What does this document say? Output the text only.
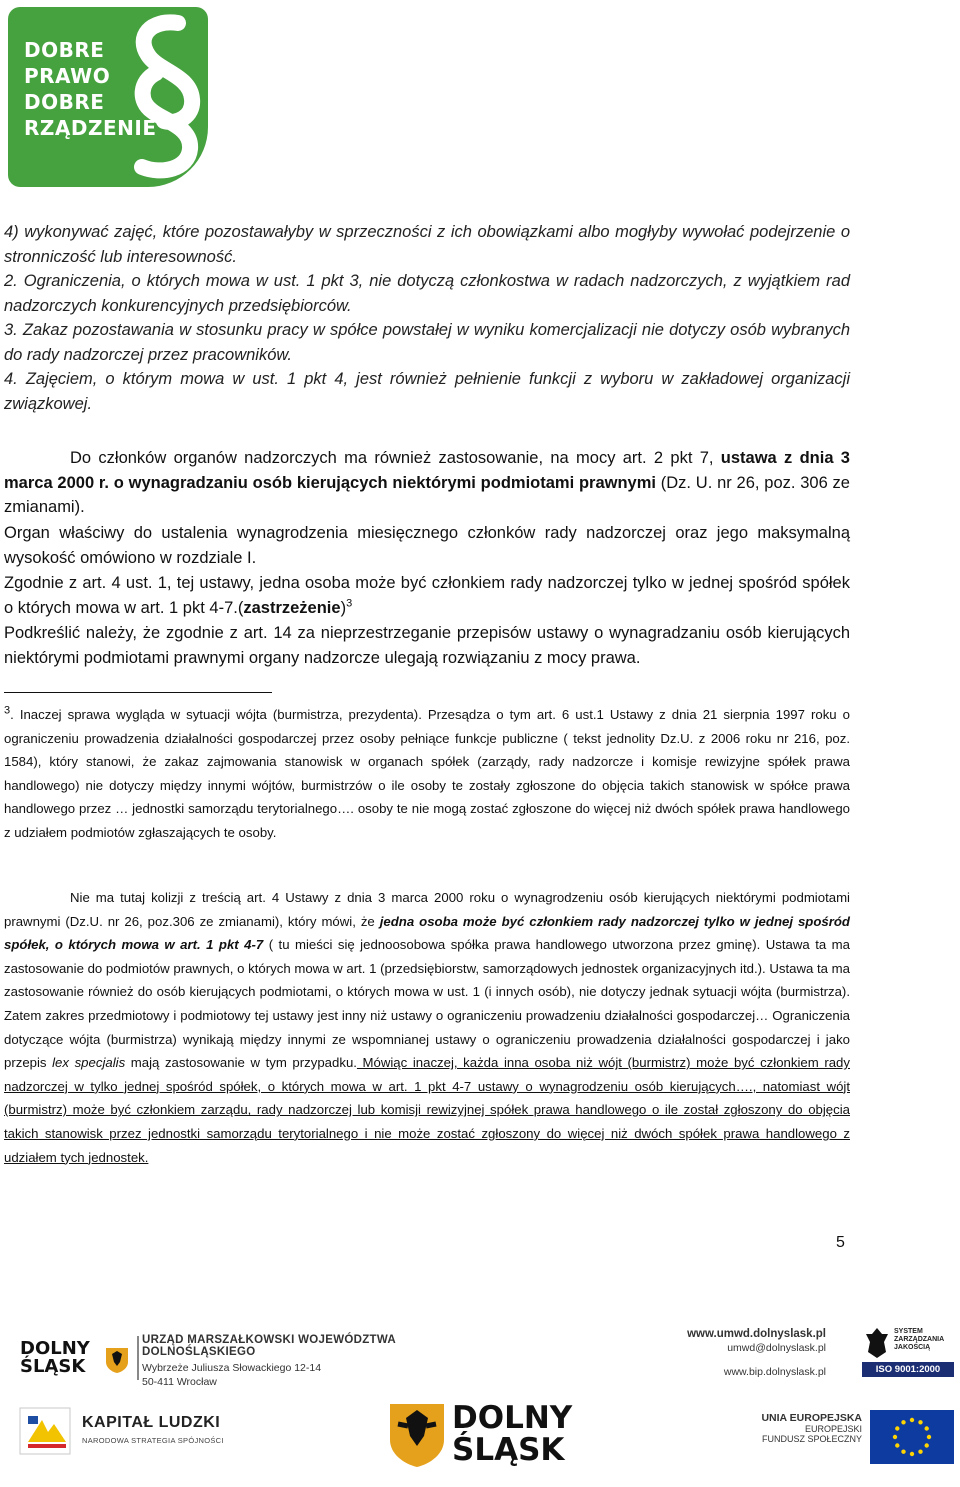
DOBRE
PRAWO
DOBRE
RZĄDZENIE
4) wykonywać zajęć, które pozostawałyby w sprzeczności z ich obowiązkami albo mogłyby wywołać podejrzenie o stronniczość lub interesowność.
2. Ograniczenia, o których mowa w ust. 1 pkt 3, nie dotyczą członkostwa w radach nadzorczych, z wyjątkiem rad nadzorczych konkurencyjnych przedsiębiorców.
3. Zakaz pozostawania w stosunku pracy w spółce powstałej w wyniku komercjalizacji nie dotyczy osób wybranych do rady nadzorczej przez pracowników.
4. Zajęciem, o którym mowa w ust. 1 pkt 4, jest również pełnienie funkcji z wyboru w zakładowej organizacji związkowej.
Do członków organów nadzorczych ma również zastosowanie, na mocy art. 2 pkt 7, ustawa z dnia 3 marca 2000 r. o wynagradzaniu osób kierujących niektórymi podmiotami prawnymi (Dz. U. nr 26, poz. 306 ze zmianami).
Organ właściwy do ustalenia wynagrodzenia miesięcznego członków rady nadzorczej oraz jego maksymalną wysokość omówiono w rozdziale I.
Zgodnie z art. 4 ust. 1, tej ustawy, jedna osoba może być członkiem rady nadzorczej tylko w jednej spośród spółek o których mowa w art. 1 pkt 4-7.(zastrzeżenie)$^3$
Podkreślić należy, że zgodnie z art. 14 za nieprzestrzeganie przepisów ustawy o wynagradzaniu osób kierujących niektórymi podmiotami prawnymi organy nadzorcze ulegają rozwiązaniu z mocy prawa.
$^3$. Inaczej sprawa wygląda w sytuacji wójta (burmistrza, prezydenta). Przesądza o tym art. 6 ust.1 Ustawy z dnia 21 sierpnia 1997 roku o ograniczeniu prowadzenia działalności gospodarczej przez osoby pełniące funkcje publiczne ( tekst jednolity Dz.U. z 2006 roku nr 216, poz. 1584), który stanowi, że zakaz zajmowania stanowisk w organach spółek (zarządy, rady nadzorcze i komisje rewizyjne spółek prawa handlowego) nie dotyczy między innymi wójtów, burmistrzów o ile osoby te zostały zgłoszone do objęcia takich stanowisk w spółce prawa handlowego przez … jednostki samorządu terytorialnego…. osoby te nie mogą zostać zgłoszone do więcej niż dwóch spółek prawa handlowego z udziałem podmiotów zgłaszających te osoby.
Nie ma tutaj kolizji z treścią art. 4 Ustawy z dnia 3 marca 2000 roku o wynagrodzeniu osób kierujących niektórymi podmiotami prawnymi (Dz.U. nr 26, poz.306 ze zmianami), który mówi, że jedna osoba może być członkiem rady nadzorczej tylko w jednej spośród spółek, o których mowa w art. 1 pkt 4-7 ( tu mieści się jednoosobowa spółka prawa handlowego utworzona przez gminę). Ustawa ta ma zastosowanie do podmiotów prawnych, o których mowa w art. 1 (przedsiębiorstw, samorządowych jednostek organizacyjnych itd.). Ustawa ta ma zastosowanie również do osób kierujących podmiotami, o których mowa w ust. 1 (i innych osób), nie dotyczy jednak sytuacji wójta (burmistrza). Zatem zakres przedmiotowy i podmiotowy tej ustawy jest inny niż ustawy o ograniczeniu prowadzeniu działalności gospodarczej… Ograniczenia dotyczące wójta (burmistrza) wynikają między innymi ze wspomnianej ustawy o ograniczeniu prowadzenia działalności gospodarczej i jako przepis lex specjalis mają zastosowanie w tym przypadku. Mówiąc inaczej, każda inna osoba niż wójt (burmistrz) może być członkiem rady nadzorczej w tylko jednej spośród spółek, o których mowa w art. 1 pkt 4-7 ustawy o wynagrodzeniu osób kierujących…., natomiast wójt (burmistrz) może być członkiem zarządu, rady nadzorczej lub komisji rewizyjnej spółek prawa handlowego o ile został zgłoszony do objęcia takich stanowisk przez jednostki samorządu terytorialnego i nie może zostać zgłoszony do więcej niż dwóch spółek prawa handlowego z udziałem tych jednostek.
5
DOLNY
ŚLĄSK
URZĄD MARSZAŁKOWSKI WOJEWÓDZTWA DOLNOŚLĄSKIEGO
Wybrzeże Juliusza Słowackiego 12-14
50-411 Wrocław
www.umwd.dolnyslask.pl
umwd@dolnyslask.pl
www.bip.dolnyslask.pl
SYSTEM
ZARZĄDZANIA
JAKOŚCIĄ
ISO 9001:2000
KAPITAŁ LUDZKI
NARODOWA STRATEGIA SPÓJNOŚCI
DOLNY
ŚLĄSK
UNIA EUROPEJSKA
EUROPEJSKI
FUNDUSZ SPOŁECZNY
